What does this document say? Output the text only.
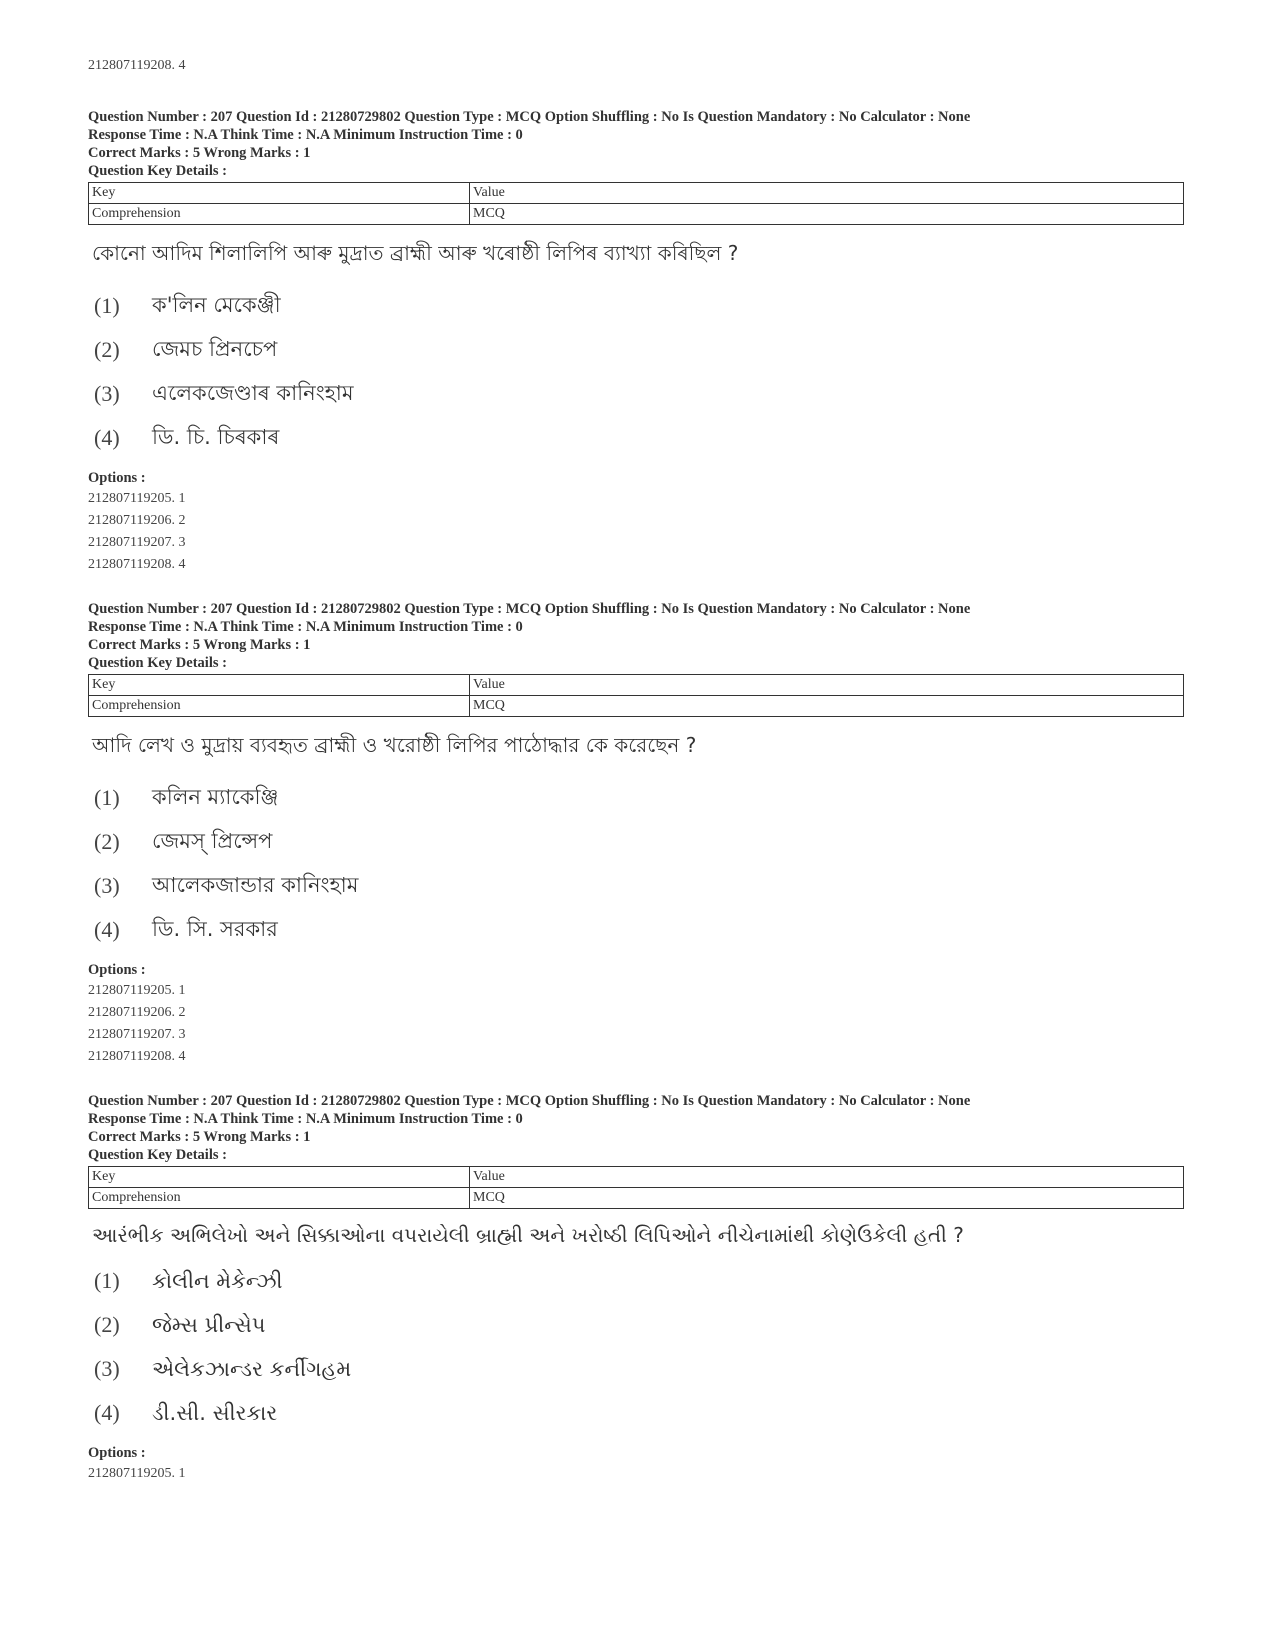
212807119208. 4
Question Number : 207 Question Id : 21280729802 Question Type : MCQ Option Shuffling : No Is Question Mandatory : No Calculator : None
Response Time : N.A Think Time : N.A Minimum Instruction Time : 0
Correct Marks : 5 Wrong Marks : 1
Question Key Details :
Key	Value
Comprehension	MCQ
কোনো আদিম শিলালিপি আৰু মুদ্ৰাত ব্ৰাহ্মী আৰু খৰোষ্ঠী লিপিৰ ব্যাখ্যা কৰিছিল ?
(1)	ক'লিন মেকেঞ্জী
(2)	জেমচ প্ৰিনচেপ
(3)	এলেকজেণ্ডাৰ কানিংহাম
(4)	ডি. চি. চিৰকাৰ
Options :
212807119205. 1
212807119206. 2
212807119207. 3
212807119208. 4
Question Number : 207 Question Id : 21280729802 Question Type : MCQ Option Shuffling : No Is Question Mandatory : No Calculator : None
Response Time : N.A Think Time : N.A Minimum Instruction Time : 0
Correct Marks : 5 Wrong Marks : 1
Question Key Details :
Key	Value
Comprehension	MCQ
আদি লেখ ও মুদ্রায় ব্যবহৃত ব্রাহ্মী ও খরোষ্ঠী লিপির পাঠোদ্ধার কে করেছেন ?
(1)	কলিন ম্যাকেঞ্জি
(2)	জেমস্ প্রিন্সেপ
(3)	আলেকজান্ডার কানিংহাম
(4)	ডি. সি. সরকার
Options :
212807119205. 1
212807119206. 2
212807119207. 3
212807119208. 4
Question Number : 207 Question Id : 21280729802 Question Type : MCQ Option Shuffling : No Is Question Mandatory : No Calculator : None
Response Time : N.A Think Time : N.A Minimum Instruction Time : 0
Correct Marks : 5 Wrong Marks : 1
Question Key Details :
Key	Value
Comprehension	MCQ
આરંભીક અભિલેખો અને સિક્કાઓના વપરાયેલી બ્રાહ્મી અને ખરોષ્ઠી લિપિઓને નીચેનામાંથી કોણેઉકેલી હતી ?
(1)	કોલીન મેકેન્ઝી
(2)	જેમ્સ પ્રીન્સેપ
(3)	એલેકઝાન્ડર કર્નીગહમ
(4)	ડી.સી. સીરકાર
Options :
212807119205. 1
